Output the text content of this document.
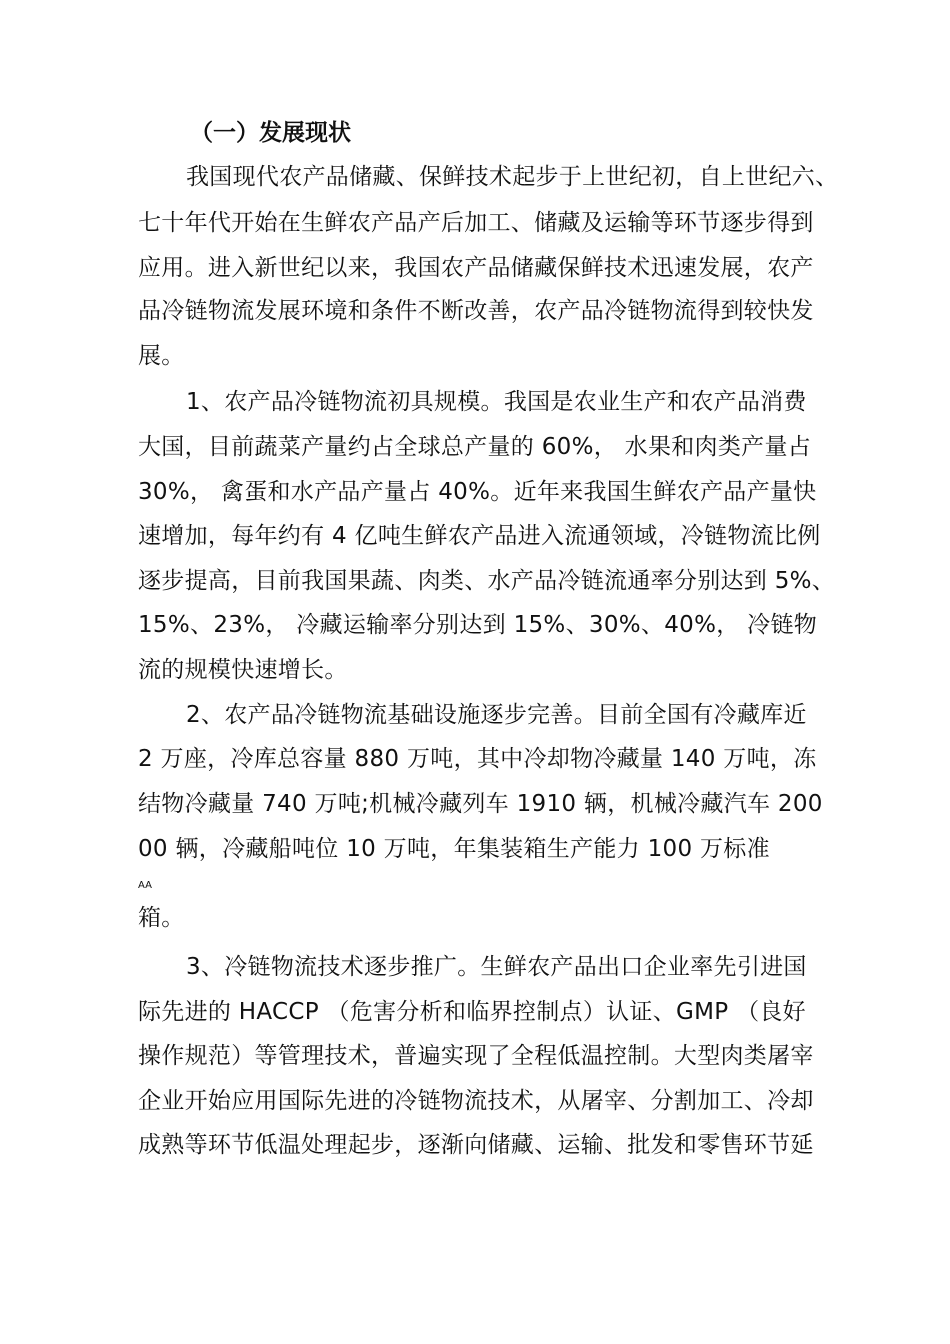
（一）发展现状
我国现代农产品储藏、保鲜技术起步于上世纪初，自上世纪六、
七十年代开始在生鲜农产品产后加工、储藏及运输等环节逐步得到
应用。进入新世纪以来，我国农产品储藏保鲜技术迅速发展，农产
品冷链物流发展环境和条件不断改善，农产品冷链物流得到较快发
展。
1、农产品冷链物流初具规模。我国是农业生产和农产品消费
大国，目前蔬菜产量约占全球总产量的 60%， 水果和肉类产量占
30%， 禽蛋和水产品产量占 40%。近年来我国生鲜农产品产量快
速增加，每年约有 4 亿吨生鲜农产品进入流通领域，冷链物流比例
逐步提高，目前我国果蔬、肉类、水产品冷链流通率分别达到 5%、
15%、23%， 冷藏运输率分别达到 15%、30%、40%， 冷链物
流的规模快速增长。
2、农产品冷链物流基础设施逐步完善。目前全国有冷藏库近
2 万座，冷库总容量 880 万吨，其中冷却物冷藏量 140 万吨，冻
结物冷藏量 740 万吨;机械冷藏列车 1910 辆，机械冷藏汽车 200
00 辆，冷藏船吨位 10 万吨，年集装箱生产能力 100 万标准
AA
箱。
3、冷链物流技术逐步推广。生鲜农产品出口企业率先引进国
际先进的 HACCP （危害分析和临界控制点）认证、GMP （良好
操作规范）等管理技术，普遍实现了全程低温控制。大型肉类屠宰
企业开始应用国际先进的冷链物流技术，从屠宰、分割加工、冷却
成熟等环节低温处理起步，逐渐向储藏、运输、批发和零售环节延
